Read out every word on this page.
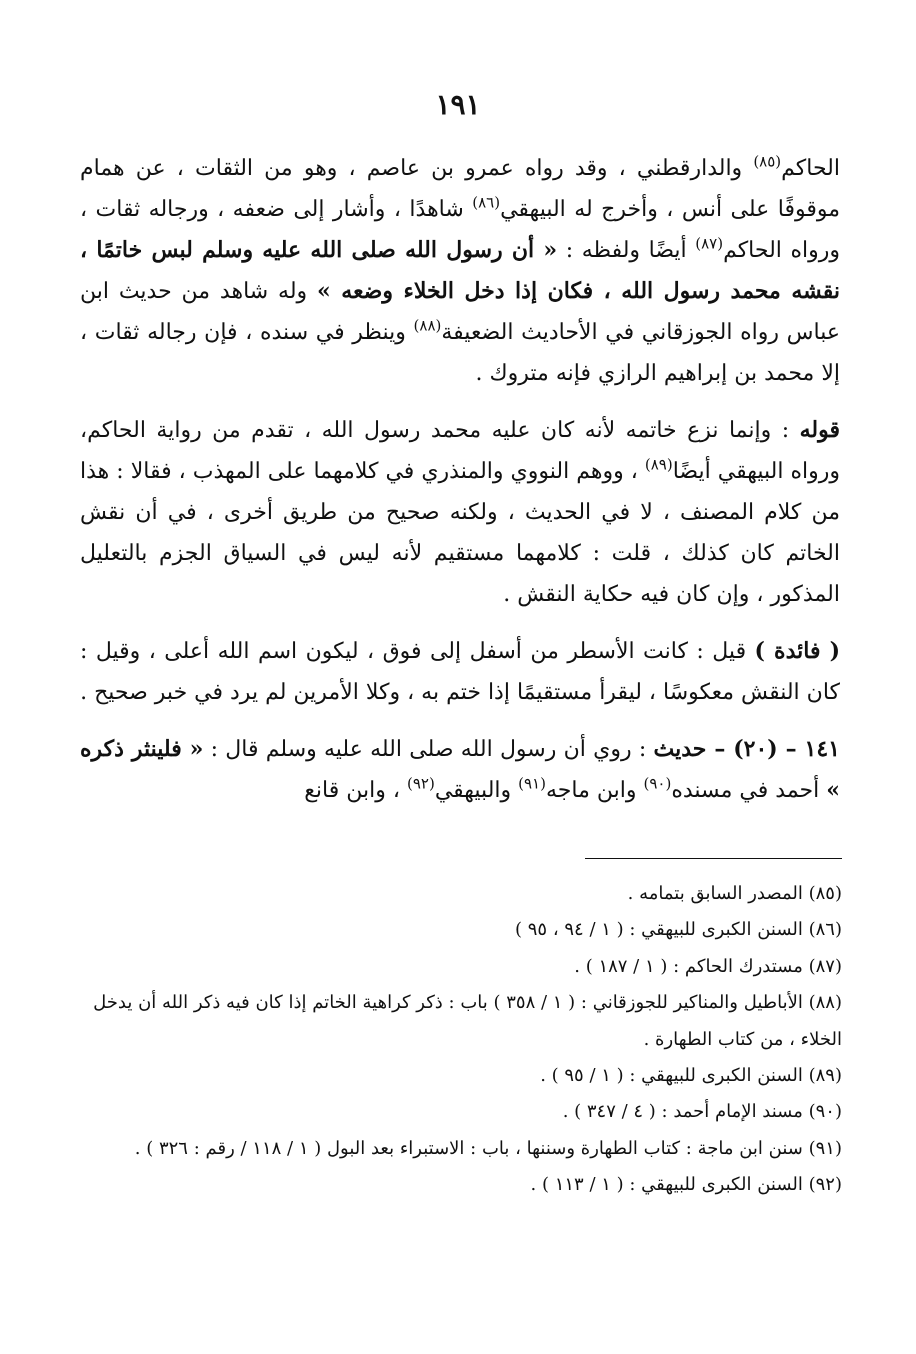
١٩١

الحاكم$^{(٨٥)}$ والدارقطني ، وقد رواه عمرو بن عاصم ، وهو من الثقات ، عن همام موقوفًا على أنس ، وأخرج له البيهقي$^{(٨٦)}$ شاهدًا ، وأشار إلى ضعفه ، ورجاله ثقات ، ورواه الحاكم$^{(٨٧)}$ أيضًا ولفظه : « أن رسول الله صلى الله عليه وسلم لبس خاتمًا ، نقشه محمد رسول الله ، فكان إذا دخل الخلاء وضعه » وله شاهد من حديث ابن عباس رواه الجوزقاني في الأحاديث الضعيفة$^{(٨٨)}$ وينظر في سنده ، فإن رجاله ثقات ، إلا محمد بن إبراهيم الرازي فإنه متروك .

قوله : وإنما نزع خاتمه لأنه كان عليه محمد رسول الله ، تقدم من رواية الحاكم، ورواه البيهقي أيضًا$^{(٨٩)}$ ، ووهم النووي والمنذري في كلامهما على المهذب ، فقالا : هذا من كلام المصنف ، لا في الحديث ، ولكنه صحيح من طريق أخرى ، في أن نقش الخاتم كان كذلك ، قلت : كلامهما مستقيم لأنه ليس في السياق الجزم بالتعليل المذكور ، وإن كان فيه حكاية النقش .

( فائدة ) قيل : كانت الأسطر من أسفل إلى فوق ، ليكون اسم الله أعلى ، وقيل : كان النقش معكوسًا ، ليقرأ مستقيمًا إذا ختم به ، وكلا الأمرين لم يرد في خبر صحيح .

١٤١ – (٢٠) – حديث : روي أن رسول الله صلى الله عليه وسلم قال : « فلينثر ذكره » أحمد في مسنده$^{(٩٠)}$ وابن ماجه$^{(٩١)}$ والبيهقي$^{(٩٢)}$ ، وابن قانع

(٨٥) المصدر السابق بتمامه .

(٨٦) السنن الكبرى للبيهقي : ( ١ / ٩٤ ، ٩٥ )

(٨٧) مستدرك الحاكم : ( ١ / ١٨٧ ) .

(٨٨) الأباطيل والمناكير للجوزقاني : ( ١ / ٣٥٨ ) باب : ذكر كراهية الخاتم إذا كان فيه ذكر الله أن يدخل الخلاء ، من كتاب الطهارة .

(٨٩) السنن الكبرى للبيهقي : ( ١ / ٩٥ ) .

(٩٠) مسند الإمام أحمد : ( ٤ / ٣٤٧ ) .

(٩١) سنن ابن ماجة : كتاب الطهارة وسننها ، باب : الاستبراء بعد البول ( ١ / ١١٨ / رقم : ٣٢٦ ) .

(٩٢) السنن الكبرى للبيهقي : ( ١ / ١١٣ ) .
